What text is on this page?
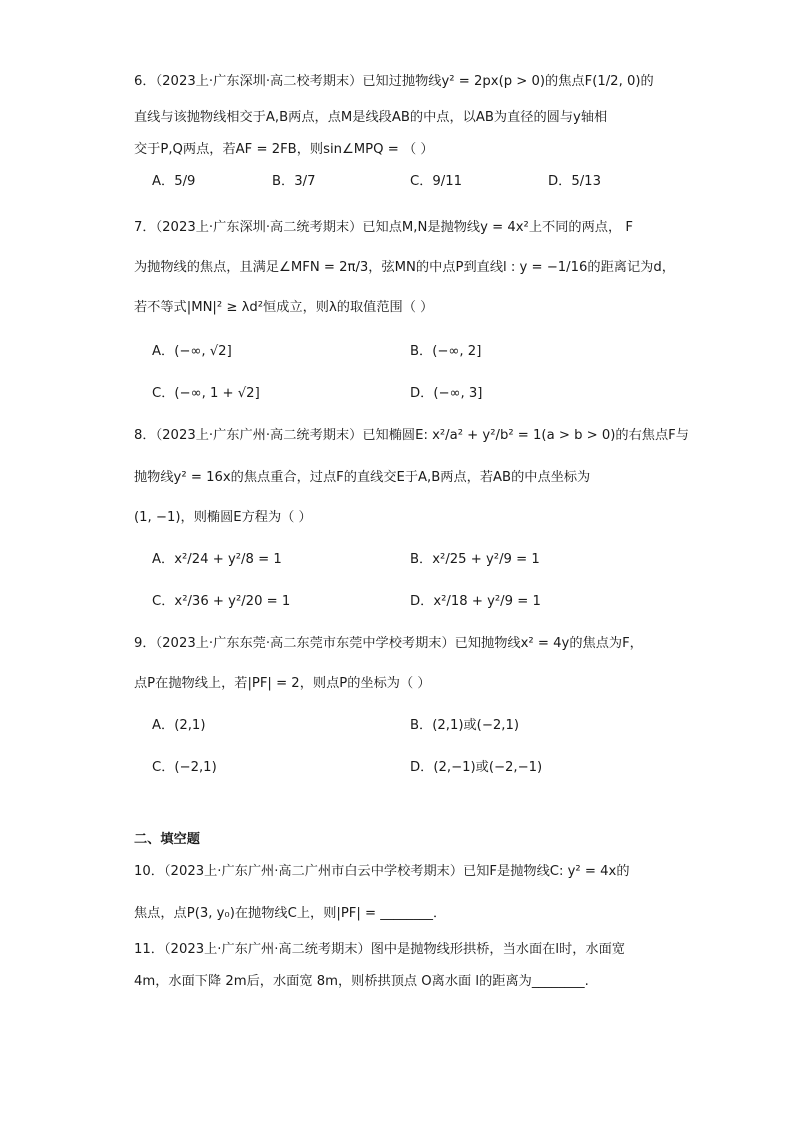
6．（2023上·广东深圳·高二校考期末）已知过抛物线y² = 2px(p > 0)的焦点F(1/2, 0)的
直线与该抛物线相交于A,B两点，点M是线段AB的中点，以AB为直径的圆与y轴相
交于P,Q两点，若AF = 2FB，则sin∠MPQ = （ ）
A．5/9	B．3/7	C．9/11	D．5/13
7．（2023上·广东深圳·高二统考期末）已知点M,N是抛物线y = 4x²上不同的两点， F
为抛物线的焦点，且满足∠MFN = 2π/3，弦MN的中点P到直线l : y = −1/16的距离记为d，
若不等式|MN|² ≥ λd²恒成立，则λ的取值范围（ ）
A．(−∞, √2]	B．(−∞, 2]
C．(−∞, 1 + √2]	D．(−∞, 3]
8．（2023上·广东广州·高二统考期末）已知椭圆E: x²/a² + y²/b² = 1(a > b > 0)的右焦点F与
抛物线y² = 16x的焦点重合，过点F的直线交E于A,B两点，若AB的中点坐标为
(1, −1)，则椭圆E方程为（ ）
A．x²/24 + y²/8 = 1	B．x²/25 + y²/9 = 1
C．x²/36 + y²/20 = 1	D．x²/18 + y²/9 = 1
9．（2023上·广东东莞·高二东莞市东莞中学校考期末）已知抛物线x² = 4y的焦点为F，
点P在抛物线上，若|PF| = 2，则点P的坐标为（ ）
A．(2,1)	B．(2,1)或(−2,1)
C．(−2,1)	D．(2,−1)或(−2,−1)
二、填空题
10．（2023上·广东广州·高二广州市白云中学校考期末）已知F是抛物线C: y² = 4x的
焦点，点P(3, y₀)在抛物线C上，则|PF| = ________．
11．（2023上·广东广州·高二统考期末）图中是抛物线形拱桥，当水面在l时，水面宽
4m，水面下降 2m后，水面宽 8m，则桥拱顶点 O离水面 l的距离为________.
